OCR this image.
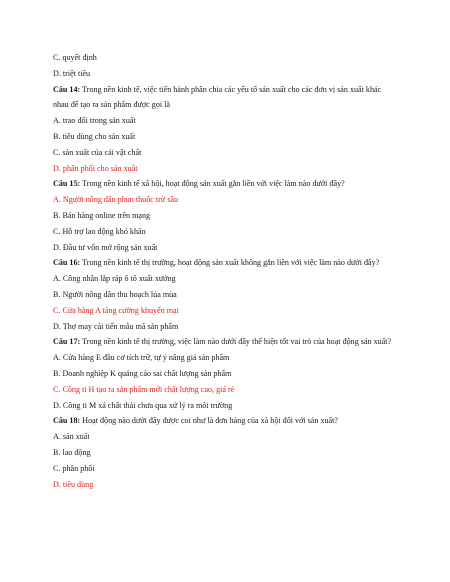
C. quyết định
D. triệt tiêu
Câu 14: Trong nền kinh tế, việc tiến hành phân chia các yếu tố sản xuất cho các đơn vị sản xuất khác nhau để tạo ra sản phẩm được gọi là
A. trao đổi trong sản xuất
B. tiêu dùng cho sản xuất
C. sản xuất của cải vật chất
D. phân phối cho sản xuất
Câu 15: Trong nền kinh tế xã hội, hoạt động sản xuất gắn liền với việc làm nào dưới đây?
A. Người nông dân phun thuốc trừ sâu
B. Bán hàng online trên mạng
C. Hỗ trợ lao động khó khăn
D. Đầu tư vốn mở rộng sản xuất
Câu 16: Trong nền kinh tế thị trường, hoạt động sản xuất không gắn liền với việc làm nào dưới đây?
A. Công nhân lắp ráp ô tô xuất xưởng
B. Người nông dân thu hoạch lúa mùa
C. Cửa hàng A tăng cường khuyến mại
D. Thợ may cải tiến mẫu mã sản phẩm
Câu 17: Trong nền kinh tế thị trường, việc làm nào dưới đây thể hiện tốt vai trò của hoạt động sản xuất?
A. Cửa hàng E đầu cơ tích trữ, tự ý nâng giá sản phẩm
B. Doanh nghiệp K quảng cáo sai chất lượng sản phẩm
C. Công ti H tạo ra sản phẩm mới chất lượng cao, giá rẻ
D. Công ti M xả chất thải chưa qua xử lý ra môi trường
Câu 18: Hoạt động nào dưới đây được coi như là đơn hàng của xã hội đối với sản xuất?
A. sản xuất
B. lao động
C. phân phối
D. tiêu dùng
